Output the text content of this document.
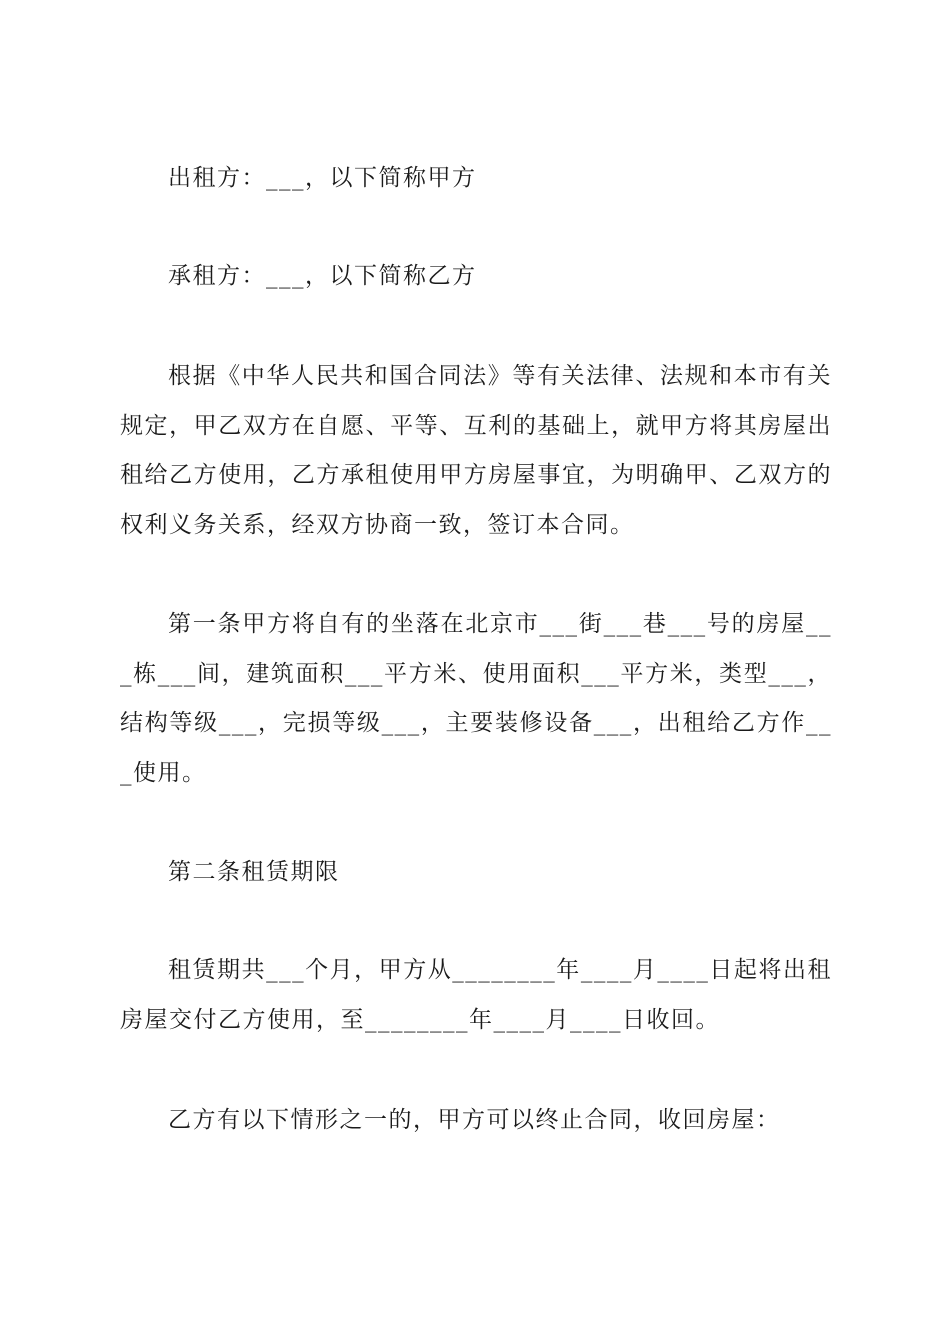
出租方：___，以下简称甲方

承租方：___，以下简称乙方

根据《中华人民共和国合同法》等有关法律、法规和本市有关规定，甲乙双方在自愿、平等、互利的基础上，就甲方将其房屋出租给乙方使用，乙方承租使用甲方房屋事宜，为明确甲、乙双方的权利义务关系，经双方协商一致，签订本合同。

第一条甲方将自有的坐落在北京市___街___巷___号的房屋___栋___间，建筑面积___平方米、使用面积___平方米，类型___，结构等级___，完损等级___，主要装修设备___，出租给乙方作___使用。

第二条租赁期限

租赁期共___个月，甲方从________年____月____日起将出租房屋交付乙方使用，至________年____月____日收回。

乙方有以下情形之一的，甲方可以终止合同，收回房屋：
